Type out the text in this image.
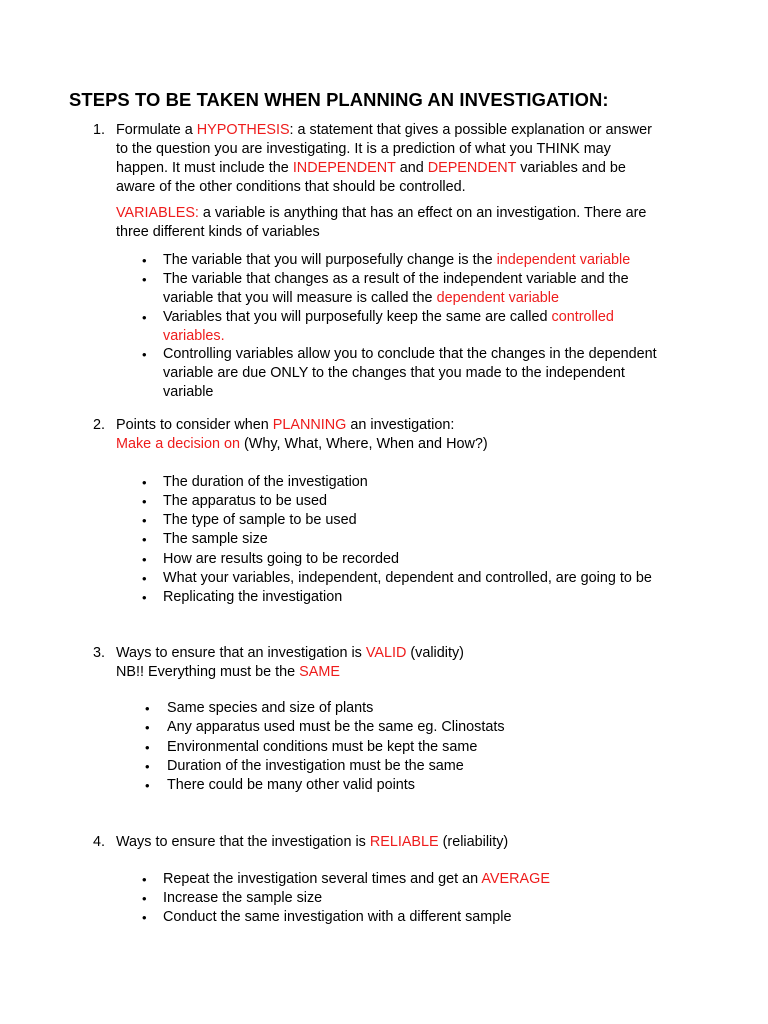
STEPS TO BE TAKEN WHEN PLANNING AN INVESTIGATION:
1. Formulate a HYPOTHESIS: a statement that gives a possible explanation or answer
to the question you are investigating. It is a prediction of what you THINK may
happen. It must include the INDEPENDENT and DEPENDENT variables and be
aware of the other conditions that should be controlled.
VARIABLES: a variable is anything that has an effect on an investigation. There are
three different kinds of variables
• The variable that you will purposefully change is the independent variable
• The variable that changes as a result of the independent variable and the
variable that you will measure is called the dependent variable
• Variables that you will purposefully keep the same are called controlled
variables.
• Controlling variables allow you to conclude that the changes in the dependent
variable are due ONLY to the changes that you made to the independent
variable
2. Points to consider when PLANNING an investigation:
Make a decision on (Why, What, Where, When and How?)
• The duration of the investigation
• The apparatus to be used
• The type of sample to be used
• The sample size
• How are results going to be recorded
• What your variables, independent, dependent and controlled, are going to be
• Replicating the investigation
3. Ways to ensure that an investigation is VALID (validity)
NB!! Everything must be the SAME
• Same species and size of plants
• Any apparatus used must be the same eg. Clinostats
• Environmental conditions must be kept the same
• Duration of the investigation must be the same
• There could be many other valid points
4. Ways to ensure that the investigation is RELIABLE (reliability)
• Repeat the investigation several times and get an AVERAGE
• Increase the sample size
• Conduct the same investigation with a different sample
